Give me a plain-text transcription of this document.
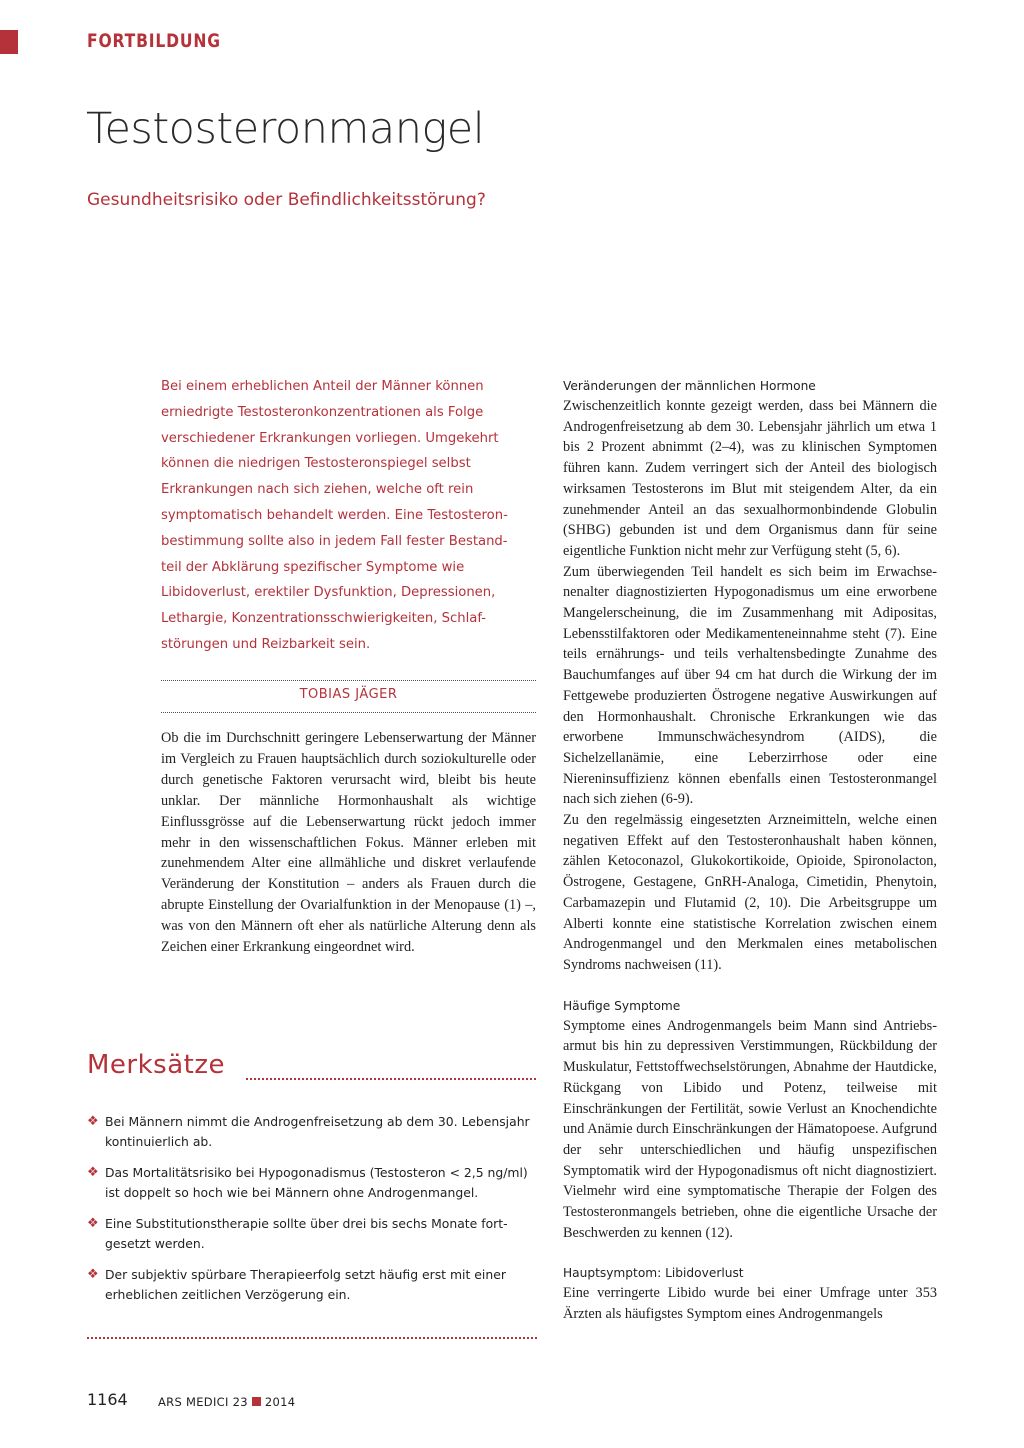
FORTBILDUNG
Testosteronmangel
Gesundheitsrisiko oder Befindlichkeitsstörung?
Bei einem erheblichen Anteil der Männer können
erniedrigte Testosteronkonzentrationen als Folge
verschiedener Erkrankungen vorliegen. Umgekehrt
können die niedrigen Testosteronspiegel selbst
Erkrankungen nach sich ziehen, welche oft rein
symptomatisch behandelt werden. Eine Testosteron-
bestimmung sollte also in jedem Fall fester Bestand-
teil der Abklärung spezifischer Symptome wie
Libidoverlust, erektiler Dysfunktion, Depressionen,
Lethargie, Konzentrationsschwierigkeiten, Schlaf-
störungen und Reizbarkeit sein.
TOBIAS JÄGER

Ob die im Durchschnitt geringere Lebenserwartung der Männer im Vergleich zu Frauen hauptsächlich durch soziokulturelle oder durch genetische Faktoren verursacht wird, bleibt bis heute unklar. Der männliche Hormonhaushalt als wichtige Einflussgrösse auf die Lebenserwartung rückt jedoch immer mehr in den wissenschaftlichen Fokus. Männer erleben mit zunehmendem Alter eine allmähliche und diskret verlaufende Veränderung der Konstitution – anders als Frauen durch die abrupte Einstellung der Ovarialfunktion in der Menopause (1) –, was von den Männern oft eher als natürliche Alterung denn als Zeichen einer Erkrankung eingeordnet wird.

Merksätze
❖ Bei Männern nimmt die Androgenfreisetzung ab dem 30. Lebensjahr kontinuierlich ab.
❖ Das Mortalitätsrisiko bei Hypogonadismus (Testosteron < 2,5 ng/ml) ist doppelt so hoch wie bei Männern ohne Androgenmangel.
❖ Eine Substitutionstherapie sollte über drei bis sechs Monate fortgesetzt werden.
❖ Der subjektiv spürbare Therapieerfolg setzt häufig erst mit einer erheblichen zeitlichen Verzögerung ein.
Veränderungen der männlichen Hormone

Zwischenzeitlich konnte gezeigt werden, dass bei Männern die Androgenfreisetzung ab dem 30. Lebensjahr jährlich um etwa 1 bis 2 Prozent abnimmt (2–4), was zu klinischen Symptomen führen kann. Zudem verringert sich der Anteil des biologisch wirksamen Testosterons im Blut mit steigendem Alter, da ein zunehmender Anteil an das sexualhormonbindende Globulin (SHBG) gebunden ist und dem Organismus dann für seine eigentliche Funktion nicht mehr zur Verfügung steht (5, 6).

Zum überwiegenden Teil handelt es sich beim im Erwachsenenalter diagnostizierten Hypogonadismus um eine erworbene Mangelerscheinung, die im Zusammenhang mit Adipositas, Lebensstilfaktoren oder Medikamenteneinnahme steht (7). Eine teils ernährungs- und teils verhaltensbedingte Zunahme des Bauchumfanges auf über 94 cm hat durch die Wirkung der im Fettgewebe produzierten Östrogene negative Auswirkungen auf den Hormonhaushalt. Chronische Erkrankungen wie das erworbene Immunschwächesyndrom (AIDS), die Sichelzellanämie, eine Leberzirrhose oder eine Niereninsuffizienz können ebenfalls einen Testosteronmangel nach sich ziehen (6-9).

Zu den regelmässig eingesetzten Arzneimitteln, welche einen negativen Effekt auf den Testosteronhaushalt haben können, zählen Ketoconazol, Glukokortikoide, Opioide, Spironolacton, Östrogene, Gestagene, GnRH-Analoga, Cimetidin, Phenytoin, Carbamazepin und Flutamid (2, 10). Die Arbeitsgruppe um Alberti konnte eine statistische Korrelation zwischen einem Androgenmangel und den Merkmalen eines metabolischen Syndroms nachweisen (11).

Häufige Symptome

Symptome eines Androgenmangels beim Mann sind Antriebsarmut bis hin zu depressiven Verstimmungen, Rückbildung der Muskulatur, Fettstoffwechselstörungen, Abnahme der Hautdicke, Rückgang von Libido und Potenz, teilweise mit Einschränkungen der Fertilität, sowie Verlust an Knochendichte und Anämie durch Einschränkungen der Hämatopoese. Aufgrund der sehr unterschiedlichen und häufig unspezifischen Symptomatik wird der Hypogonadismus oft nicht diagnostiziert. Vielmehr wird eine symptomatische Therapie der Folgen des Testosteronmangels betrieben, ohne die eigentliche Ursache der Beschwerden zu kennen (12).

Hauptsymptom: Libidoverlust

Eine verringerte Libido wurde bei einer Umfrage unter 353 Ärzten als häufigstes Symptom eines Androgenmangels

1164	ARS MEDICI 23 2014
